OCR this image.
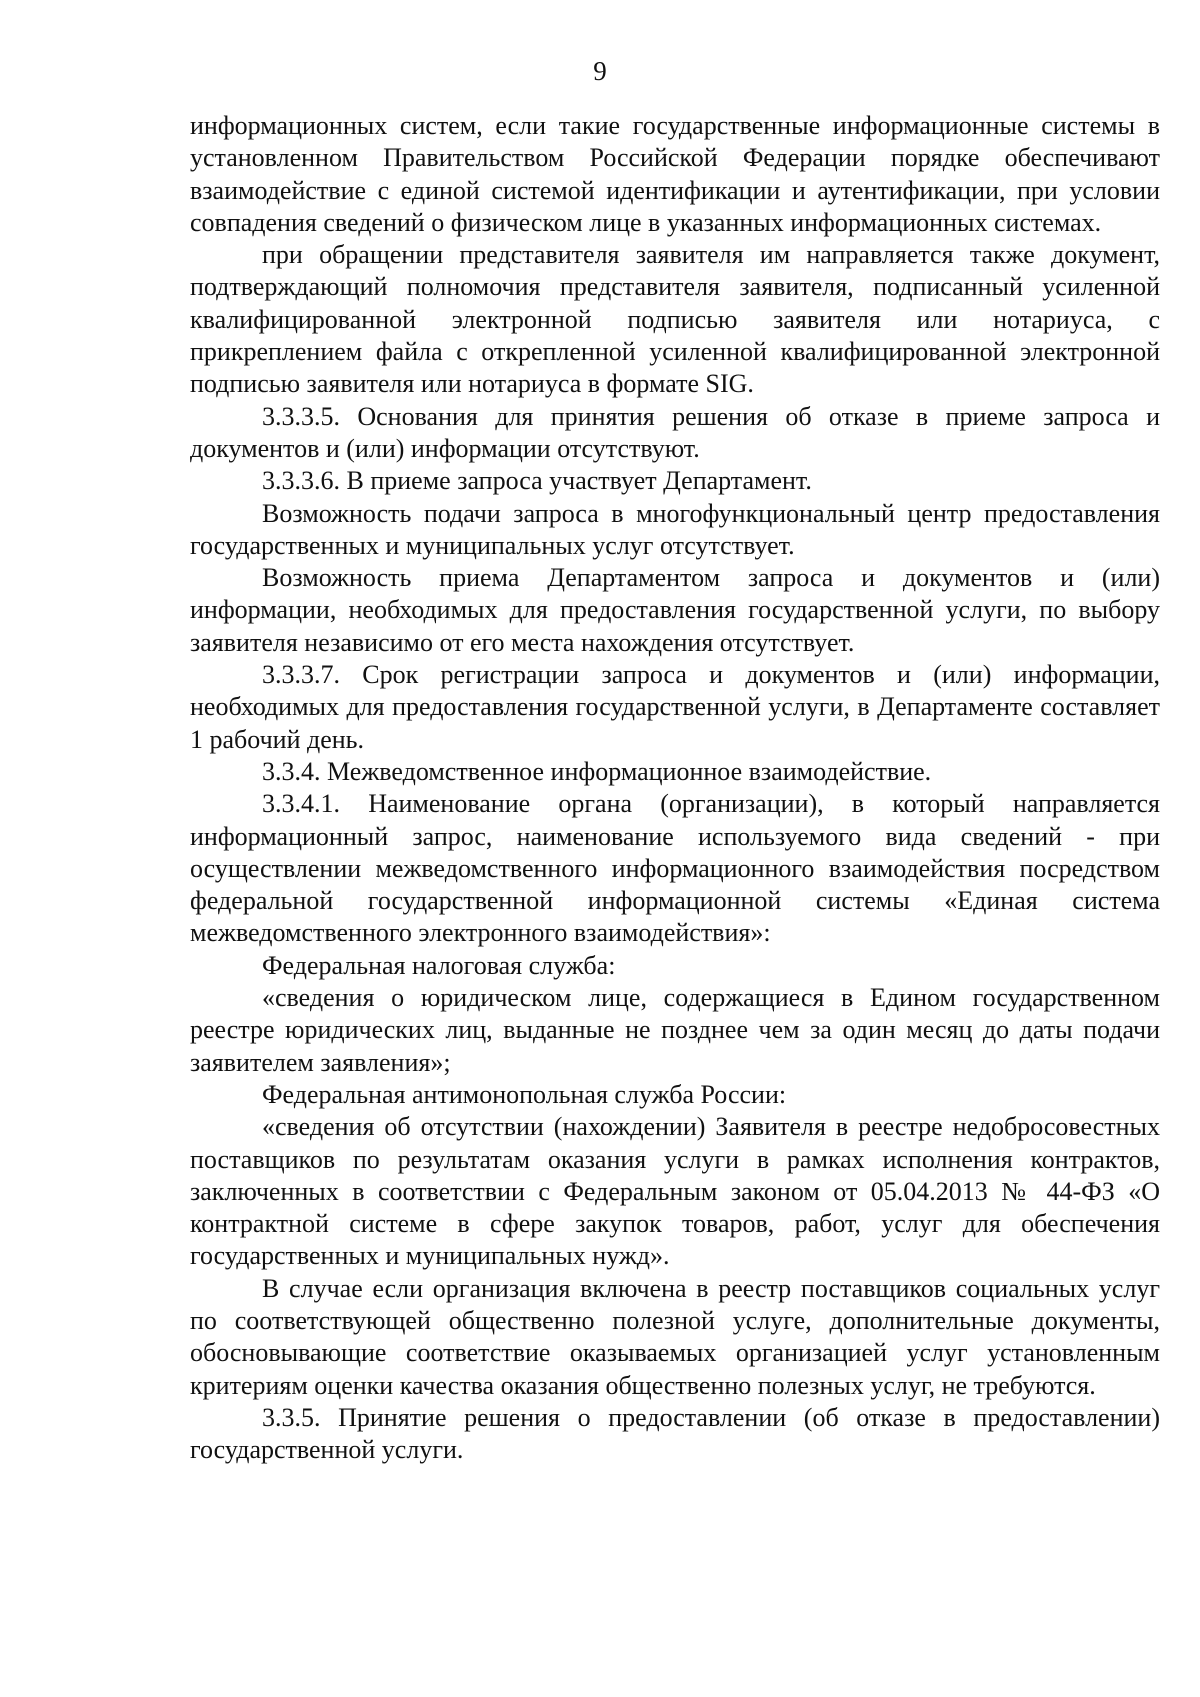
9

информационных систем, если такие государственные информационные системы в установленном Правительством Российской Федерации порядке обеспечивают взаимодействие с единой системой идентификации и аутентификации, при условии совпадения сведений о физическом лице в указанных информационных системах.

при обращении представителя заявителя им направляется также документ, подтверждающий полномочия представителя заявителя, подписанный усиленной квалифицированной электронной подписью заявителя или нотариуса, с прикреплением файла с открепленной усиленной квалифицированной электронной подписью заявителя или нотариуса в формате SIG.

3.3.3.5. Основания для принятия решения об отказе в приеме запроса и документов и (или) информации отсутствуют.

3.3.3.6. В приеме запроса участвует Департамент.

Возможность подачи запроса в многофункциональный центр предоставления государственных и муниципальных услуг отсутствует.

Возможность приема Департаментом запроса и документов и (или) информации, необходимых для предоставления государственной услуги, по выбору заявителя независимо от его места нахождения отсутствует.

3.3.3.7. Срок регистрации запроса и документов и (или) информации, необходимых для предоставления государственной услуги, в Департаменте составляет 1 рабочий день.

3.3.4. Межведомственное информационное взаимодействие.

3.3.4.1. Наименование органа (организации), в который направляется информационный запрос, наименование используемого вида сведений - при осуществлении межведомственного информационного взаимодействия посредством федеральной государственной информационной системы «Единая система межведомственного электронного взаимодействия»:

Федеральная налоговая служба:

«сведения о юридическом лице, содержащиеся в Едином государственном реестре юридических лиц, выданные не позднее чем за один месяц до даты подачи заявителем заявления»;

Федеральная антимонопольная служба России:

«сведения об отсутствии (нахождении) Заявителя в реестре недобросовестных поставщиков по результатам оказания услуги в рамках исполнения контрактов, заключенных в соответствии с Федеральным законом от 05.04.2013 № 44-ФЗ «О контрактной системе в сфере закупок товаров, работ, услуг для обеспечения государственных и муниципальных нужд».

В случае если организация включена в реестр поставщиков социальных услуг по соответствующей общественно полезной услуге, дополнительные документы, обосновывающие соответствие оказываемых организацией услуг установленным критериям оценки качества оказания общественно полезных услуг, не требуются.

3.3.5. Принятие решения о предоставлении (об отказе в предоставлении) государственной услуги.
